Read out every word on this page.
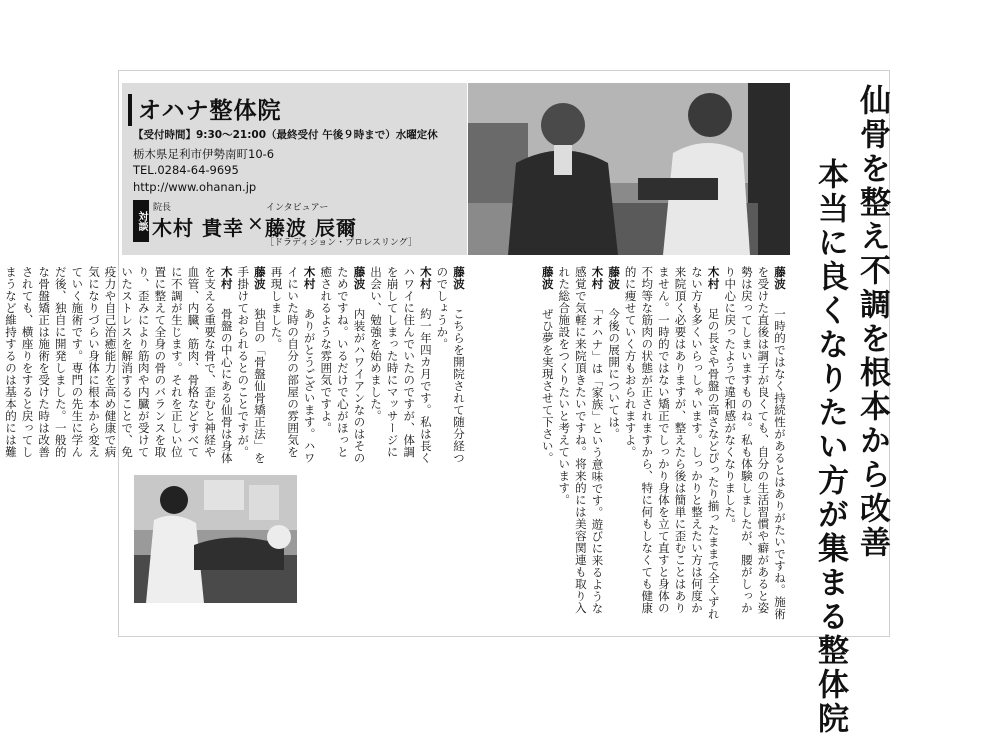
仙骨を整え不調を根本から改善
本当に良くなりたい方が集まる整体院
オハナ整体院
【受付時間】9:30〜21:00（最終受付 午後９時まで）水曜定休
栃木県足利市伊勢南町10-6
TEL.0284-64-9695
http://www.ohanan.jp
対談
院長
木村 貴幸 ×
インタビュアー
藤波 辰爾
［ドラディション・プロレスリング］

藤波　一時的ではなく持続性があるとはありがたいですね。施術を受けた直後は調子が良くても、自分の生活習慣や癖があると姿勢は戻ってしまいますものね。私も体験しましたが、腰がしっかり中心に戻ったようで違和感がなくなりました。

木村　足の長さや骨盤の高さなどぴったり揃ったままで全くずれない方も多くいらっしゃいます。しっかりと整えたい方は何度か来院頂く必要はありますが、整えたら後は簡単に歪むことはありません。一時的ではない矯正でしっかり身体を立て直すと身体の不均等な筋肉の状態が正されますから、特に何もしなくても健康的に痩せていく方もおられますよ。

藤波　今後の展開については。

木村　「オハナ」は「家族」という意味です。遊びに来るような感覚で気軽に来院頂きたいですね。将来的には美容関連も取り入れた総合施設をつくりたいと考えています。

藤波　ぜひ夢を実現させて下さい。

藤波　こちらを開院されて随分経つのでしょうか。

木村　約一年四カ月です。私は長くハワイに住んでいたのですが、体調を崩してしまった時にマッサージに出会い、勉強を始めました。

藤波　内装がハワイアンなのはそのためですね。いるだけで心がほっと癒されるような雰囲気ですよ。

木村　ありがとうございます。ハワイにいた時の自分の部屋の雰囲気を再現しました。

藤波　独自の「骨盤仙骨矯正法」を手掛けておられるとのことですが。

木村　骨盤の中心にある仙骨は身体を支える重要な骨で、歪むと神経や血管、内臓、筋肉、骨格などすべてに不調が生じます。それを正しい位置に整えて全身の骨のバランスを取り、歪みにより筋肉や内臓が受けていたストレスを解消することで、免疫力や自己治癒能力を高め健康で病気になりづらい身体に根本から変えていく施術です。専門の先生に学んだ後、独自に開発しました。一般的な骨盤矯正は施術を受けた時は改善されても、横座りをすると戻ってしまうなど維持するのは基本的には難
